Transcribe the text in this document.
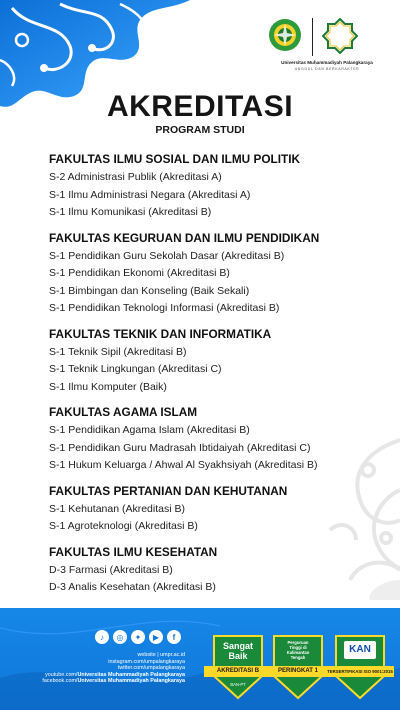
Universitas Muhammadiyah Palangkaraya
UNGGUL DAN BERKARAKTER
AKREDITASI
PROGRAM STUDI
FAKULTAS ILMU SOSIAL DAN ILMU POLITIK
S-2 Administrasi Publik (Akreditasi A)
S-1 Ilmu Administrasi Negara (Akreditasi A)
S-1 Ilmu Komunikasi (Akreditasi B)
FAKULTAS KEGURUAN DAN ILMU PENDIDIKAN
S-1 Pendidikan Guru Sekolah Dasar (Akreditasi B)
S-1 Pendidikan Ekonomi (Akreditasi B)
S-1 Bimbingan dan Konseling (Baik Sekali)
S-1 Pendidikan Teknologi Informasi (Akreditasi B)
FAKULTAS TEKNIK DAN INFORMATIKA
S-1 Teknik Sipil (Akreditasi B)
S-1 Teknik Lingkungan (Akreditasi C)
S-1 Ilmu Komputer (Baik)
FAKULTAS AGAMA ISLAM
S-1 Pendidikan Agama Islam (Akreditasi B)
S-1 Pendidikan Guru Madrasah Ibtidaiyah (Akreditasi C)
S-1 Hukum Keluarga / Ahwal Al Syakhsiyah (Akreditasi B)
FAKULTAS PERTANIAN DAN KEHUTANAN
S-1 Kehutanan (Akreditasi B)
S-1 Agroteknologi (Akreditasi B)
FAKULTAS ILMU KESEHATAN
D-3 Farmasi (Akreditasi B)
D-3 Analis Kesehatan (Akreditasi B)
♪	◎	✦	▶	f
website | umpr.ac.id
instagram.com/umpalangkaraya
twitter.com/umpalangkaraya
youtube.com/Universitas Muhammadiyah Palangkaraya
facebook.com/Universitas Muhammadiyah Palangkaraya
Sangat
Baik
AKREDITASI B
BAN-PT
Perguruan
Tinggi di
Kalimantan
Tengah
PERINGKAT 1
KAN
TERSERTIFIKASI ISO 9001:2015
